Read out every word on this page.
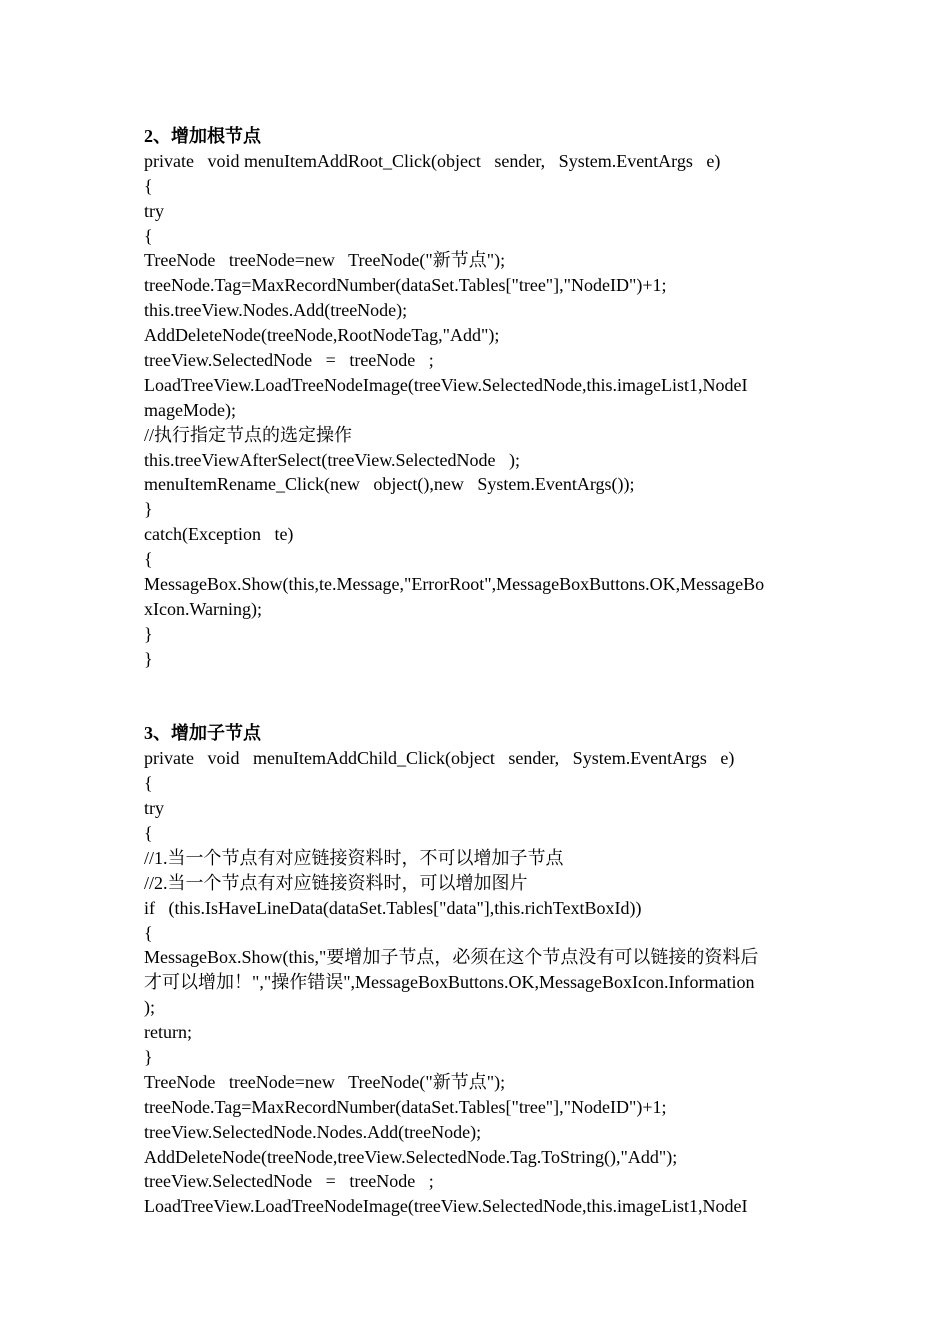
2、增加根节点
private   void menuItemAddRoot_Click(object   sender,   System.EventArgs   e)
{
try
{
TreeNode   treeNode=new   TreeNode("新节点");
treeNode.Tag=MaxRecordNumber(dataSet.Tables["tree"],"NodeID")+1;
this.treeView.Nodes.Add(treeNode);
AddDeleteNode(treeNode,RootNodeTag,"Add");
treeView.SelectedNode   =   treeNode   ;
LoadTreeView.LoadTreeNodeImage(treeView.SelectedNode,this.imageList1,NodeI
mageMode);
//执行指定节点的选定操作
this.treeViewAfterSelect(treeView.SelectedNode   );
menuItemRename_Click(new   object(),new   System.EventArgs());
}
catch(Exception   te)
{
MessageBox.Show(this,te.Message,"ErrorRoot",MessageBoxButtons.OK,MessageBo
xIcon.Warning);
}
}
3、增加子节点
private   void   menuItemAddChild_Click(object   sender,   System.EventArgs   e)
{
try
{
//1.当一个节点有对应链接资料时，不可以增加子节点
//2.当一个节点有对应链接资料时，可以增加图片
if   (this.IsHaveLineData(dataSet.Tables["data"],this.richTextBoxId))
{
MessageBox.Show(this,"要增加子节点，必须在这个节点没有可以链接的资料后
才可以增加！","操作错误",MessageBoxButtons.OK,MessageBoxIcon.Information
);
return;
}
TreeNode   treeNode=new   TreeNode("新节点");
treeNode.Tag=MaxRecordNumber(dataSet.Tables["tree"],"NodeID")+1;
treeView.SelectedNode.Nodes.Add(treeNode);
AddDeleteNode(treeNode,treeView.SelectedNode.Tag.ToString(),"Add");
treeView.SelectedNode   =   treeNode   ;
LoadTreeView.LoadTreeNodeImage(treeView.SelectedNode,this.imageList1,NodeI
